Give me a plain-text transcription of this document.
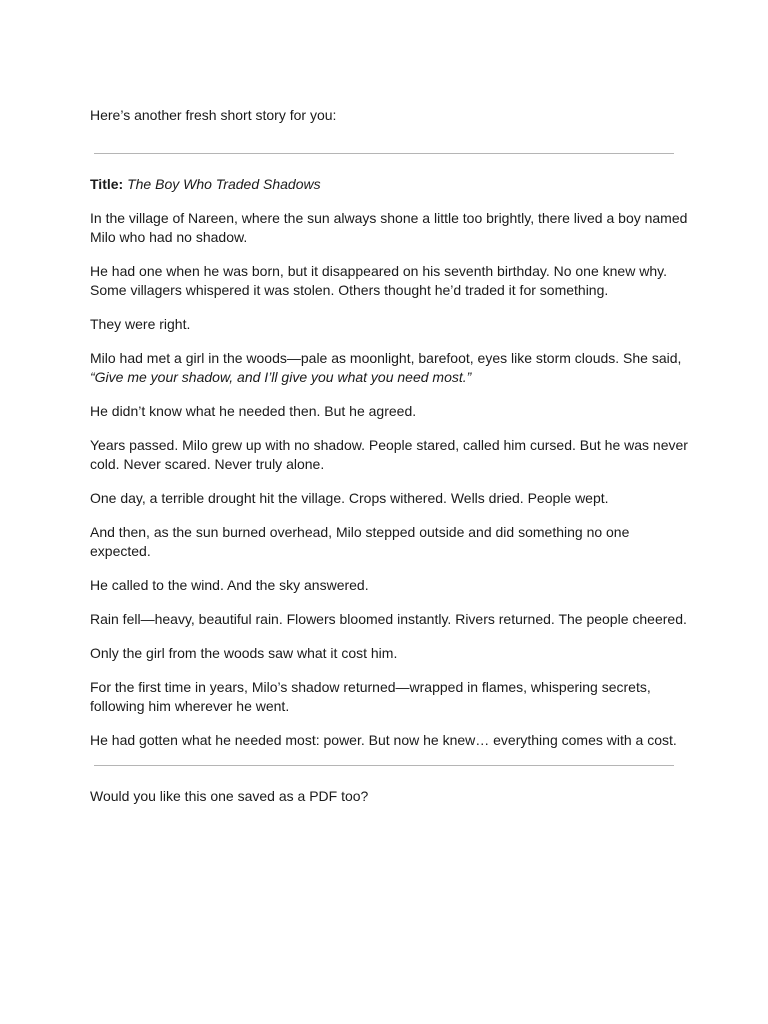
Here’s another fresh short story for you:

Title: The Boy Who Traded Shadows

In the village of Nareen, where the sun always shone a little too brightly, there lived a boy named Milo who had no shadow.

He had one when he was born, but it disappeared on his seventh birthday. No one knew why. Some villagers whispered it was stolen. Others thought he’d traded it for something.

They were right.

Milo had met a girl in the woods—pale as moonlight, barefoot, eyes like storm clouds. She said, “Give me your shadow, and I’ll give you what you need most.”

He didn’t know what he needed then. But he agreed.

Years passed. Milo grew up with no shadow. People stared, called him cursed. But he was never cold. Never scared. Never truly alone.

One day, a terrible drought hit the village. Crops withered. Wells dried. People wept.

And then, as the sun burned overhead, Milo stepped outside and did something no one expected.

He called to the wind. And the sky answered.

Rain fell—heavy, beautiful rain. Flowers bloomed instantly. Rivers returned. The people cheered.

Only the girl from the woods saw what it cost him.

For the first time in years, Milo’s shadow returned—wrapped in flames, whispering secrets, following him wherever he went.

He had gotten what he needed most: power. But now he knew… everything comes with a cost.

Would you like this one saved as a PDF too?
